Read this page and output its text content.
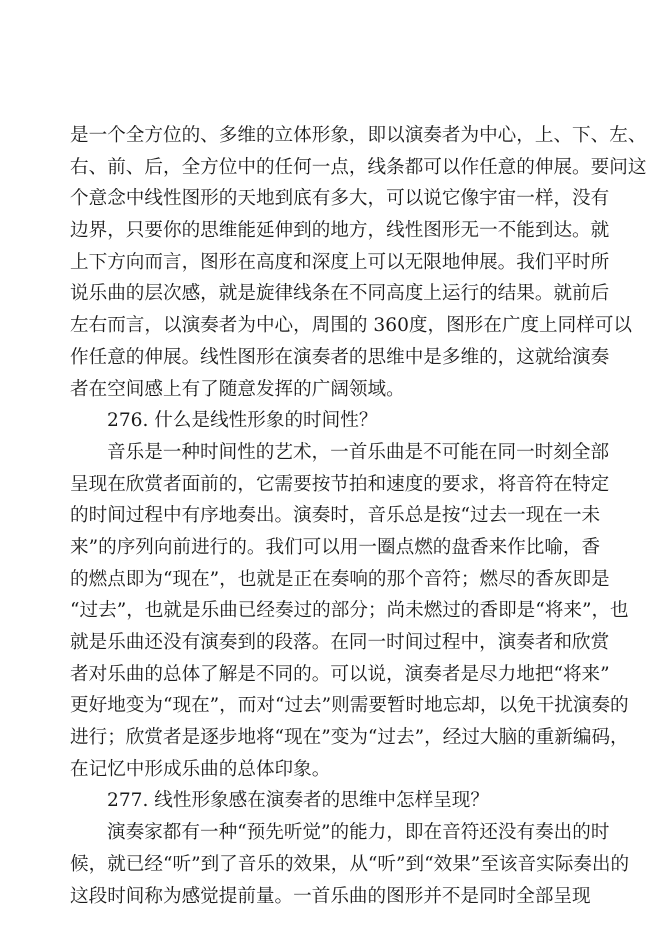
是一个全方位的、多维的立体形象，即以演奏者为中心，上、下、左、
右、前、后，全方位中的任何一点，线条都可以作任意的伸展。要问这
个意念中线性图形的天地到底有多大，可以说它像宇宙一样，没有
边界，只要你的思维能延伸到的地方，线性图形无一不能到达。就
上下方向而言，图形在高度和深度上可以无限地伸展。我们平时所
说乐曲的层次感，就是旋律线条在不同高度上运行的结果。就前后
左右而言，以演奏者为中心，周围的 360度，图形在广度上同样可以
作任意的伸展。线性图形在演奏者的思维中是多维的，这就给演奏
者在空间感上有了随意发挥的广阔领域。
276. 什么是线性形象的时间性？
音乐是一种时间性的艺术，一首乐曲是不可能在同一时刻全部
呈现在欣赏者面前的，它需要按节拍和速度的要求，将音符在特定
的时间过程中有序地奏出。演奏时，音乐总是按“过去一现在一未
来”的序列向前进行的。我们可以用一圈点燃的盘香来作比喻，香
的燃点即为“现在”，也就是正在奏响的那个音符；燃尽的香灰即是
“过去”，也就是乐曲已经奏过的部分；尚未燃过的香即是“将来”，也
就是乐曲还没有演奏到的段落。在同一时间过程中，演奏者和欣赏
者对乐曲的总体了解是不同的。可以说，演奏者是尽力地把“将来”
更好地变为“现在”，而对“过去”则需要暂时地忘却，以免干扰演奏的
进行；欣赏者是逐步地将“现在”变为“过去”，经过大脑的重新编码，
在记忆中形成乐曲的总体印象。
277. 线性形象感在演奏者的思维中怎样呈现？
演奏家都有一种“预先听觉”的能力，即在音符还没有奏出的时
候，就已经“听”到了音乐的效果，从“听”到“效果”至该音实际奏出的
这段时间称为感觉提前量。一首乐曲的图形并不是同时全部呈现
